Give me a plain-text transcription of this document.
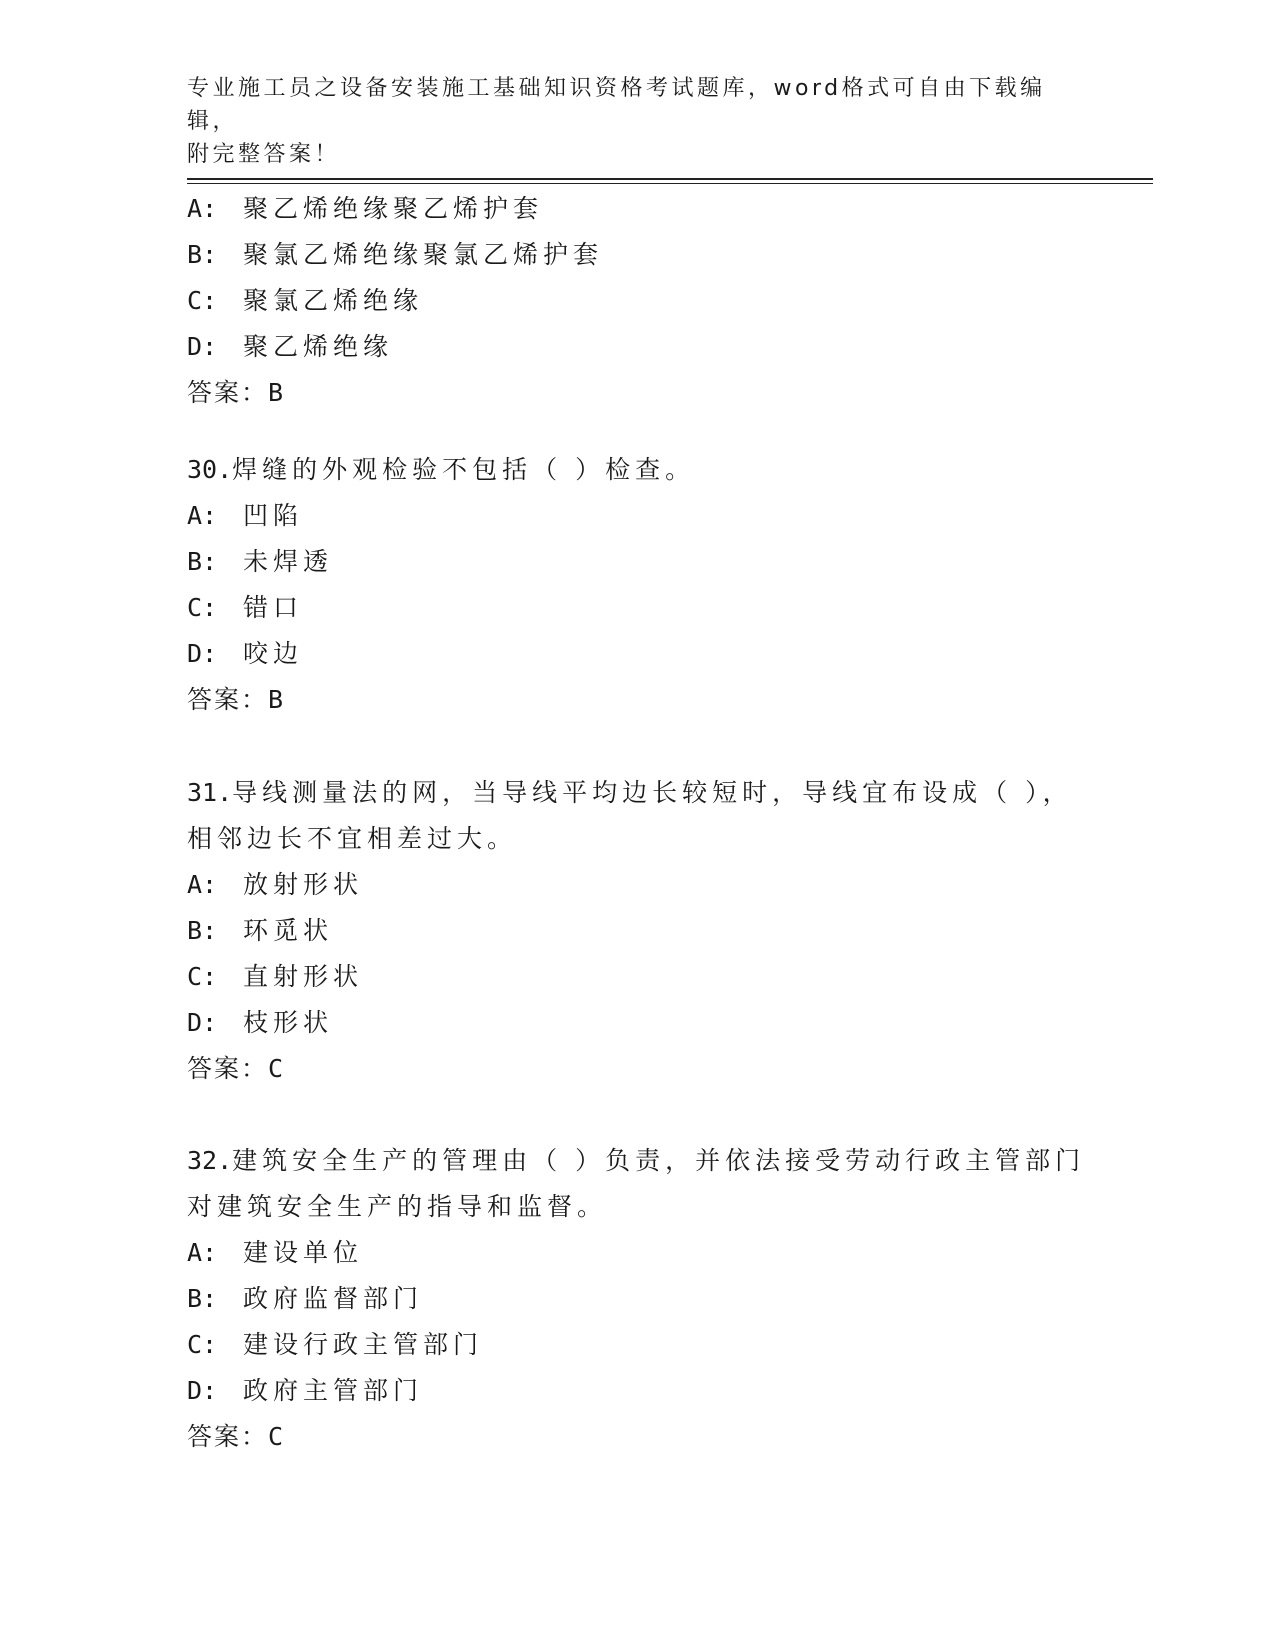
专业施工员之设备安装施工基础知识资格考试题库，word格式可自由下载编辑，
附完整答案！
A: 聚乙烯绝缘聚乙烯护套
B: 聚氯乙烯绝缘聚氯乙烯护套
C: 聚氯乙烯绝缘
D: 聚乙烯绝缘
答案：B
30.焊缝的外观检验不包括（ ）检查。
A: 凹陷
B: 未焊透
C: 错口
D: 咬边
答案：B
31.导线测量法的网，当导线平均边长较短时，导线宜布设成（ ），
相邻边长不宜相差过大。
A: 放射形状
B: 环觅状
C: 直射形状
D: 枝形状
答案：C
32.建筑安全生产的管理由（ ）负责，并依法接受劳动行政主管部门
对建筑安全生产的指导和监督。
A: 建设单位
B: 政府监督部门
C: 建设行政主管部门
D: 政府主管部门
答案：C
